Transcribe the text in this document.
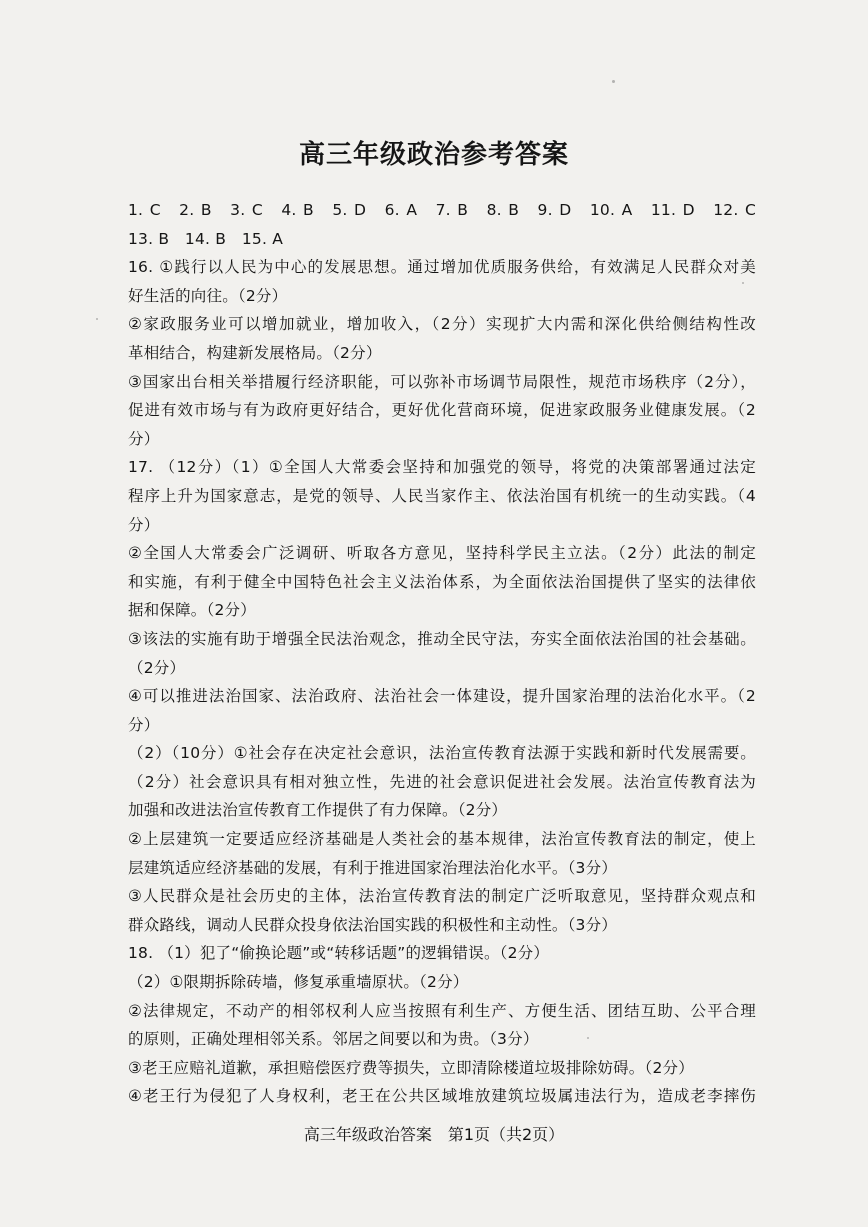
高三年级政治参考答案
1. C　2. B　3. C　4. B　5. D　6. A　7. B　8. B　9. D　10. A　11. D　12. C
13. B　14. B　15. A
16. ①践行以人民为中心的发展思想。通过增加优质服务供给，有效满足人民群众对美
好生活的向往。（2分）
②家政服务业可以增加就业，增加收入，（2分）实现扩大内需和深化供给侧结构性改
革相结合，构建新发展格局。（2分）
③国家出台相关举措履行经济职能，可以弥补市场调节局限性，规范市场秩序（2分），
促进有效市场与有为政府更好结合，更好优化营商环境，促进家政服务业健康发展。（2
分）
17. （12分）（1）①全国人大常委会坚持和加强党的领导，将党的决策部署通过法定
程序上升为国家意志，是党的领导、人民当家作主、依法治国有机统一的生动实践。（4
分）
②全国人大常委会广泛调研、听取各方意见，坚持科学民主立法。（2分）此法的制定
和实施，有利于健全中国特色社会主义法治体系，为全面依法治国提供了坚实的法律依
据和保障。（2分）
③该法的实施有助于增强全民法治观念，推动全民守法，夯实全面依法治国的社会基础。
（2分）
④可以推进法治国家、法治政府、法治社会一体建设，提升国家治理的法治化水平。（2
分）
（2）（10分）①社会存在决定社会意识，法治宣传教育法源于实践和新时代发展需要。
（2分）社会意识具有相对独立性，先进的社会意识促进社会发展。法治宣传教育法为
加强和改进法治宣传教育工作提供了有力保障。（2分）
②上层建筑一定要适应经济基础是人类社会的基本规律，法治宣传教育法的制定，使上
层建筑适应经济基础的发展，有利于推进国家治理法治化水平。（3分）
③人民群众是社会历史的主体，法治宣传教育法的制定广泛听取意见，坚持群众观点和
群众路线，调动人民群众投身依法治国实践的积极性和主动性。（3分）
18. （1）犯了“偷换论题”或“转移话题”的逻辑错误。（2分）
（2）①限期拆除砖墙，修复承重墙原状。（2分）
②法律规定，不动产的相邻权利人应当按照有利生产、方便生活、团结互助、公平合理
的原则，正确处理相邻关系。邻居之间要以和为贵。（3分）
③老王应赔礼道歉，承担赔偿医疗费等损失，立即清除楼道垃圾排除妨碍。（2分）
④老王行为侵犯了人身权利，老王在公共区域堆放建筑垃圾属违法行为，造成老李摔伤
高三年级政治答案　第1页（共2页）
